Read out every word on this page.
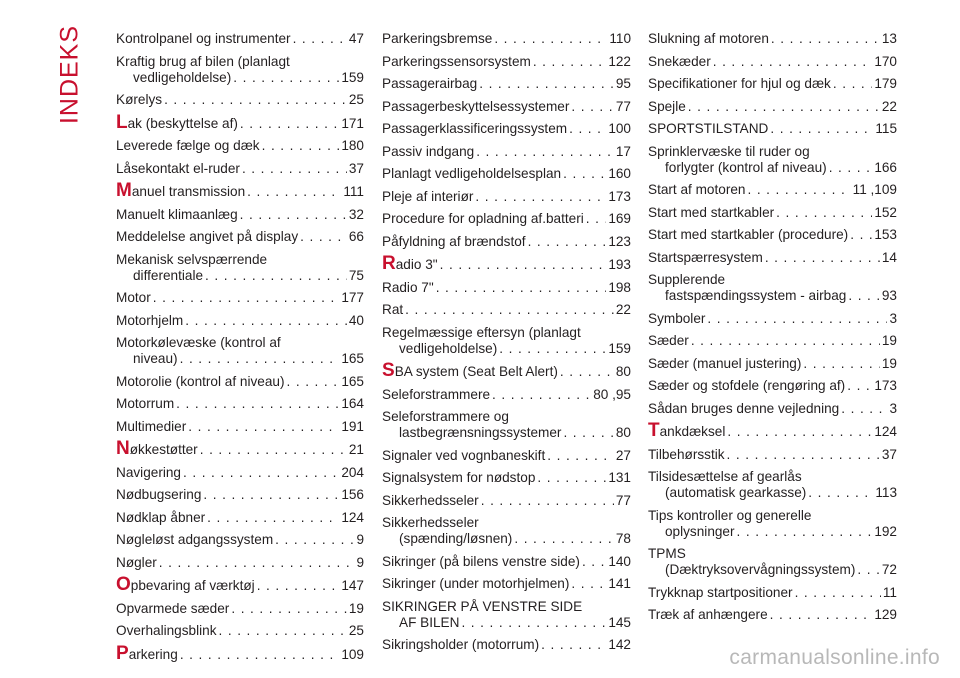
INDEKS Kontrolpanel og instrumenter . . .	47
Kraftig brug af bilen (planlagt
vedligeholdelse) . . .	159
Kørelys . . .	25
L ak (beskyttelse af) . . .	171
Leverede fælge og dæk . . .	180
Låsekontakt el-ruder . . .	37
M anuel transmission . . .	111
Manuelt klimaanlæg . . .	32
Meddelelse angivet på display . . .	66
Mekanisk selvspærrende
differentiale . . .	75
Motor . . .	177
Motorhjelm . . .	40
Motorkølevæske (kontrol af
niveau) . . .	165
Motorolie (kontrol af niveau) . . .	165
Motorrum . . .	164
Multimedier . . .	191
N økkestøtter . . .	21
Navigering . . .	204
Nødbugsering . . .	156
Nødklap åbner . . .	124
Nøgleløst adgangssystem . . .	9
Nøgler . . .	9
O pbevaring af værktøj . . .	147
Opvarmede sæder . . .	19
Overhalingsblink . . .	25
P arkering . . .	109
Parkeringsbremse . . .	110
Parkeringssensorsystem . . .	122
Passagerairbag . . .	95
Passagerbeskyttelsessystemer . . .	77
Passagerklassificeringssystem . . .	100
Passiv indgang . . .	17
Planlagt vedligeholdelsesplan . . .	160
Pleje af interiør . . .	173
Procedure for opladning af.batteri . . . 169
Påfyldning af brændstof . . .	123
R adio 3" . . .	193
Radio 7" . . .	198
Rat . . .	22
Regelmæssige eftersyn (planlagt
vedligeholdelse) . . .	159
S BA system (Seat Belt Alert) . . .	80
Seleforstrammere . . .	80 ,95
Seleforstrammere og
lastbegrænsningssystemer . . .	80
Signaler ved vognbaneskift . . .	27
Signalsystem for nødstop . . .	131
Sikkerhedsseler . . .	77
Sikkerhedsseler
(spænding/løsnen) . . .	78
Sikringer (på bilens venstre side) . . . 140
Sikringer (under motorhjelmen) . . .	141
SIKRINGER PÅ VENSTRE SIDE
AF BILEN . . .	145
Sikringsholder (motorrum) . . .	142
Slukning af motoren . . .	13
Snekæder . . .	170
Specifikationer for hjul og dæk . . .	179
Spejle . . .	22
SPORTSTILSTAND . . .	115
Sprinklervæske til ruder og
forlygter (kontrol af niveau) . . .	166
Start af motoren . . .	11 ,109
Start med startkabler . . .	152
Start med startkabler (procedure) . . . 153
Startspærresystem . . .	14
Supplerende
fastspændingssystem - airbag . . .	93
Symboler . . .	3
Sæder . . .	19
Sæder (manuel justering) . . .	19
Sæder og stofdele (rengøring af) . . . 173
Sådan bruges denne vejledning . . .	3
T ankdæksel . . .	124
Tilbehørsstik . . .	37
Tilsidesættelse af gearlås
(automatisk gearkasse) . . .	113
Tips kontroller og generelle
oplysninger . . .	192
TPMS
(Dæktryksovervågningssystem) . . . 72
Trykknap startpositioner . . .	11
Træk af anhængere . . .	129
carmanualsonline.info
